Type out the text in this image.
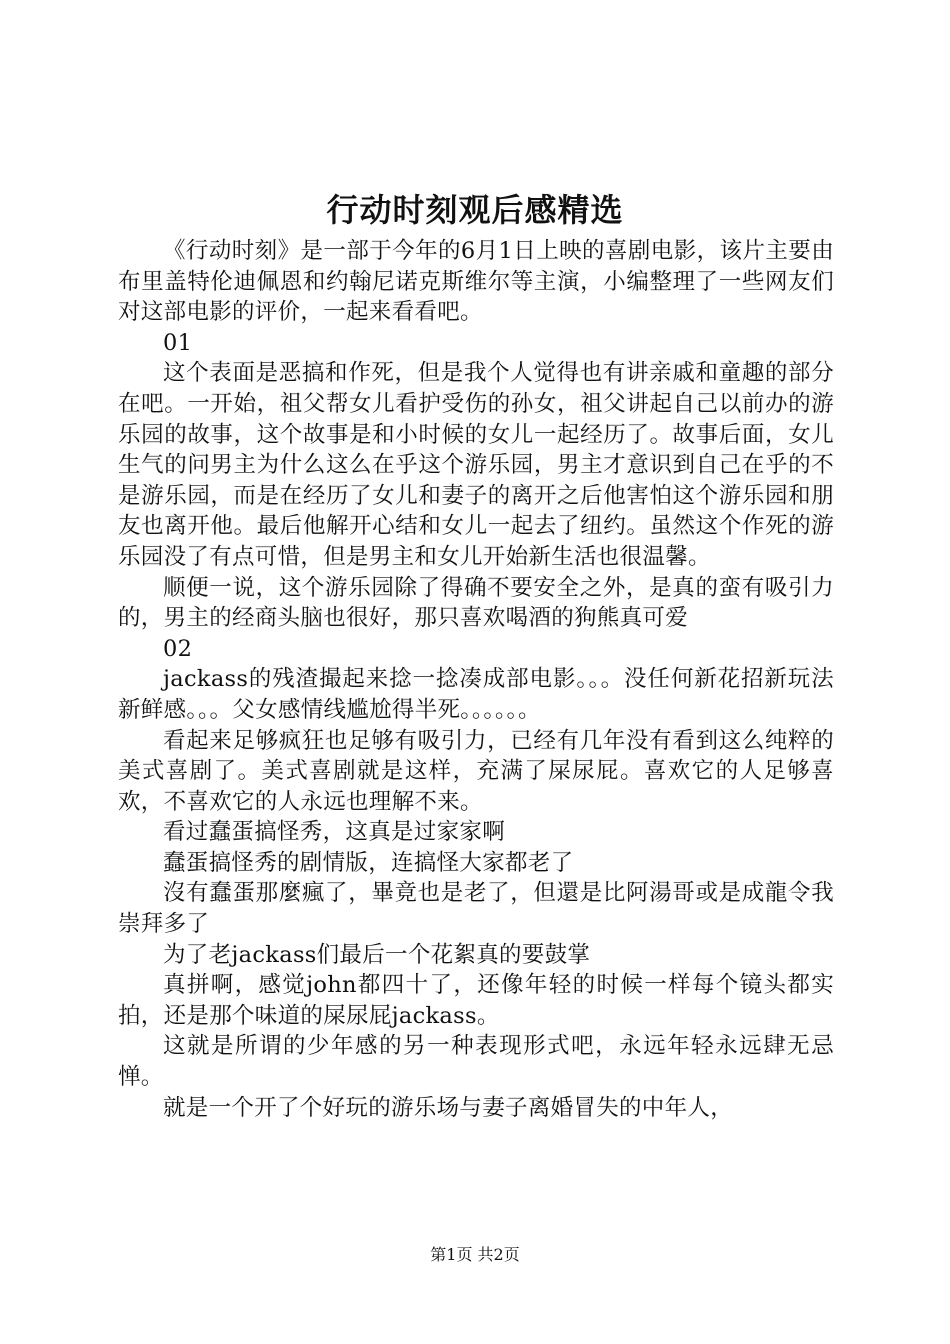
行动时刻观后感精选

《行动时刻》是一部于今年的6月1日上映的喜剧电影，该片主要由布里盖特伦迪佩恩和约翰尼诺克斯维尔等主演，小编整理了一些网友们对这部电影的评价，一起来看看吧。

01

这个表面是恶搞和作死，但是我个人觉得也有讲亲戚和童趣的部分在吧。一开始，祖父帮女儿看护受伤的孙女，祖父讲起自己以前办的游乐园的故事，这个故事是和小时候的女儿一起经历了。故事后面，女儿生气的问男主为什么这么在乎这个游乐园，男主才意识到自己在乎的不是游乐园，而是在经历了女儿和妻子的离开之后他害怕这个游乐园和朋友也离开他。最后他解开心结和女儿一起去了纽约。虽然这个作死的游乐园没了有点可惜，但是男主和女儿开始新生活也很温馨。

顺便一说，这个游乐园除了得确不要安全之外，是真的蛮有吸引力的，男主的经商头脑也很好，那只喜欢喝酒的狗熊真可爱

02

jackass的残渣撮起来捻一捻凑成部电影。。。没任何新花招新玩法新鲜感。。。父女感情线尴尬得半死。。。。。。

看起来足够疯狂也足够有吸引力，已经有几年没有看到这么纯粹的美式喜剧了。美式喜剧就是这样，充满了屎尿屁。喜欢它的人足够喜欢，不喜欢它的人永远也理解不来。

看过蠢蛋搞怪秀，这真是过家家啊

蠢蛋搞怪秀的剧情版，连搞怪大家都老了

沒有蠢蛋那麼瘋了，畢竟也是老了，但還是比阿湯哥或是成龍令我崇拜多了

为了老jackass们最后一个花絮真的要鼓掌

真拼啊，感觉john都四十了，还像年轻的时候一样每个镜头都实拍，还是那个味道的屎尿屁jackass。

这就是所谓的少年感的另一种表现形式吧，永远年轻永远肆无忌惮。

就是一个开了个好玩的游乐场与妻子离婚冒失的中年人，

第1页 共2页
